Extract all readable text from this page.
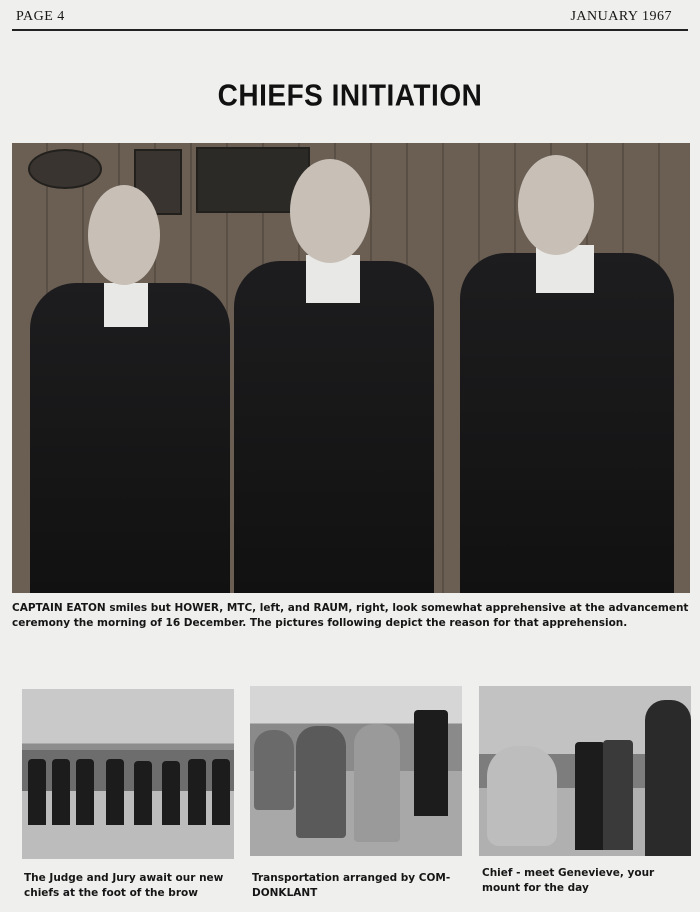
PAGE 4	JANUARY 1967
CHIEFS INITIATION
CAPTAIN EATON smiles but HOWER, MTC, left, and RAUM, right, look somewhat apprehensive at the advancement ceremony the morning of 16 December. The pictures following depict the reason for that apprehension.
The Judge and Jury await our new chiefs at the foot of the brow
Transportation arranged by COM-DONKLANT
Chief - meet Genevieve, your mount for the day
